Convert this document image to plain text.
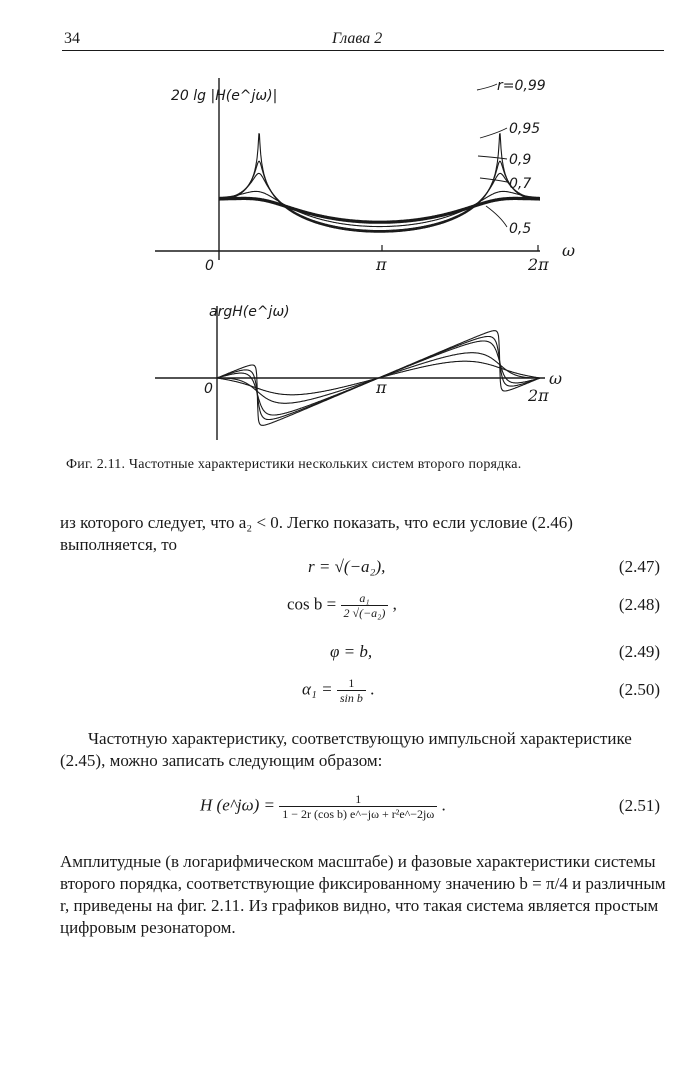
34	Глава 2
20 lg |H(e^jω)|
ω
0	π	2π
r=0,99
0,95
0,9
0,7
0,5
argH(e^jω)
ω
0	π	2π
Фиг. 2.11. Частотные характеристики нескольких систем второго порядка.
из которого следует, что a₂ < 0. Легко показать, что если условие (2.46) выполняется, то
r = √(−a₂),	(2.47)
$\cos b = \frac{\text{a₁}}{\text{2 √(−a₂)}}$ ,	(2.48)
φ = b,	(2.49)
$\alpha_1 = \frac{1}{\text{sin b}}$ .	(2.50)
Частотную характеристику, соответствующую импульсной характеристике (2.45), можно записать следующим образом:
H (e^jω) = $\frac{1}{\text{1 − 2r (cos b) e\textasciicircum{}−jω + r²e\textasciicircum{}−2jω}}$ .	(2.51)
Амплитудные (в логарифмическом масштабе) и фазовые характеристики системы второго порядка, соответствующие фиксированному значению b = π/4 и различным r, приведены на фиг. 2.11. Из графиков видно, что такая система является простым цифровым резонатором.
